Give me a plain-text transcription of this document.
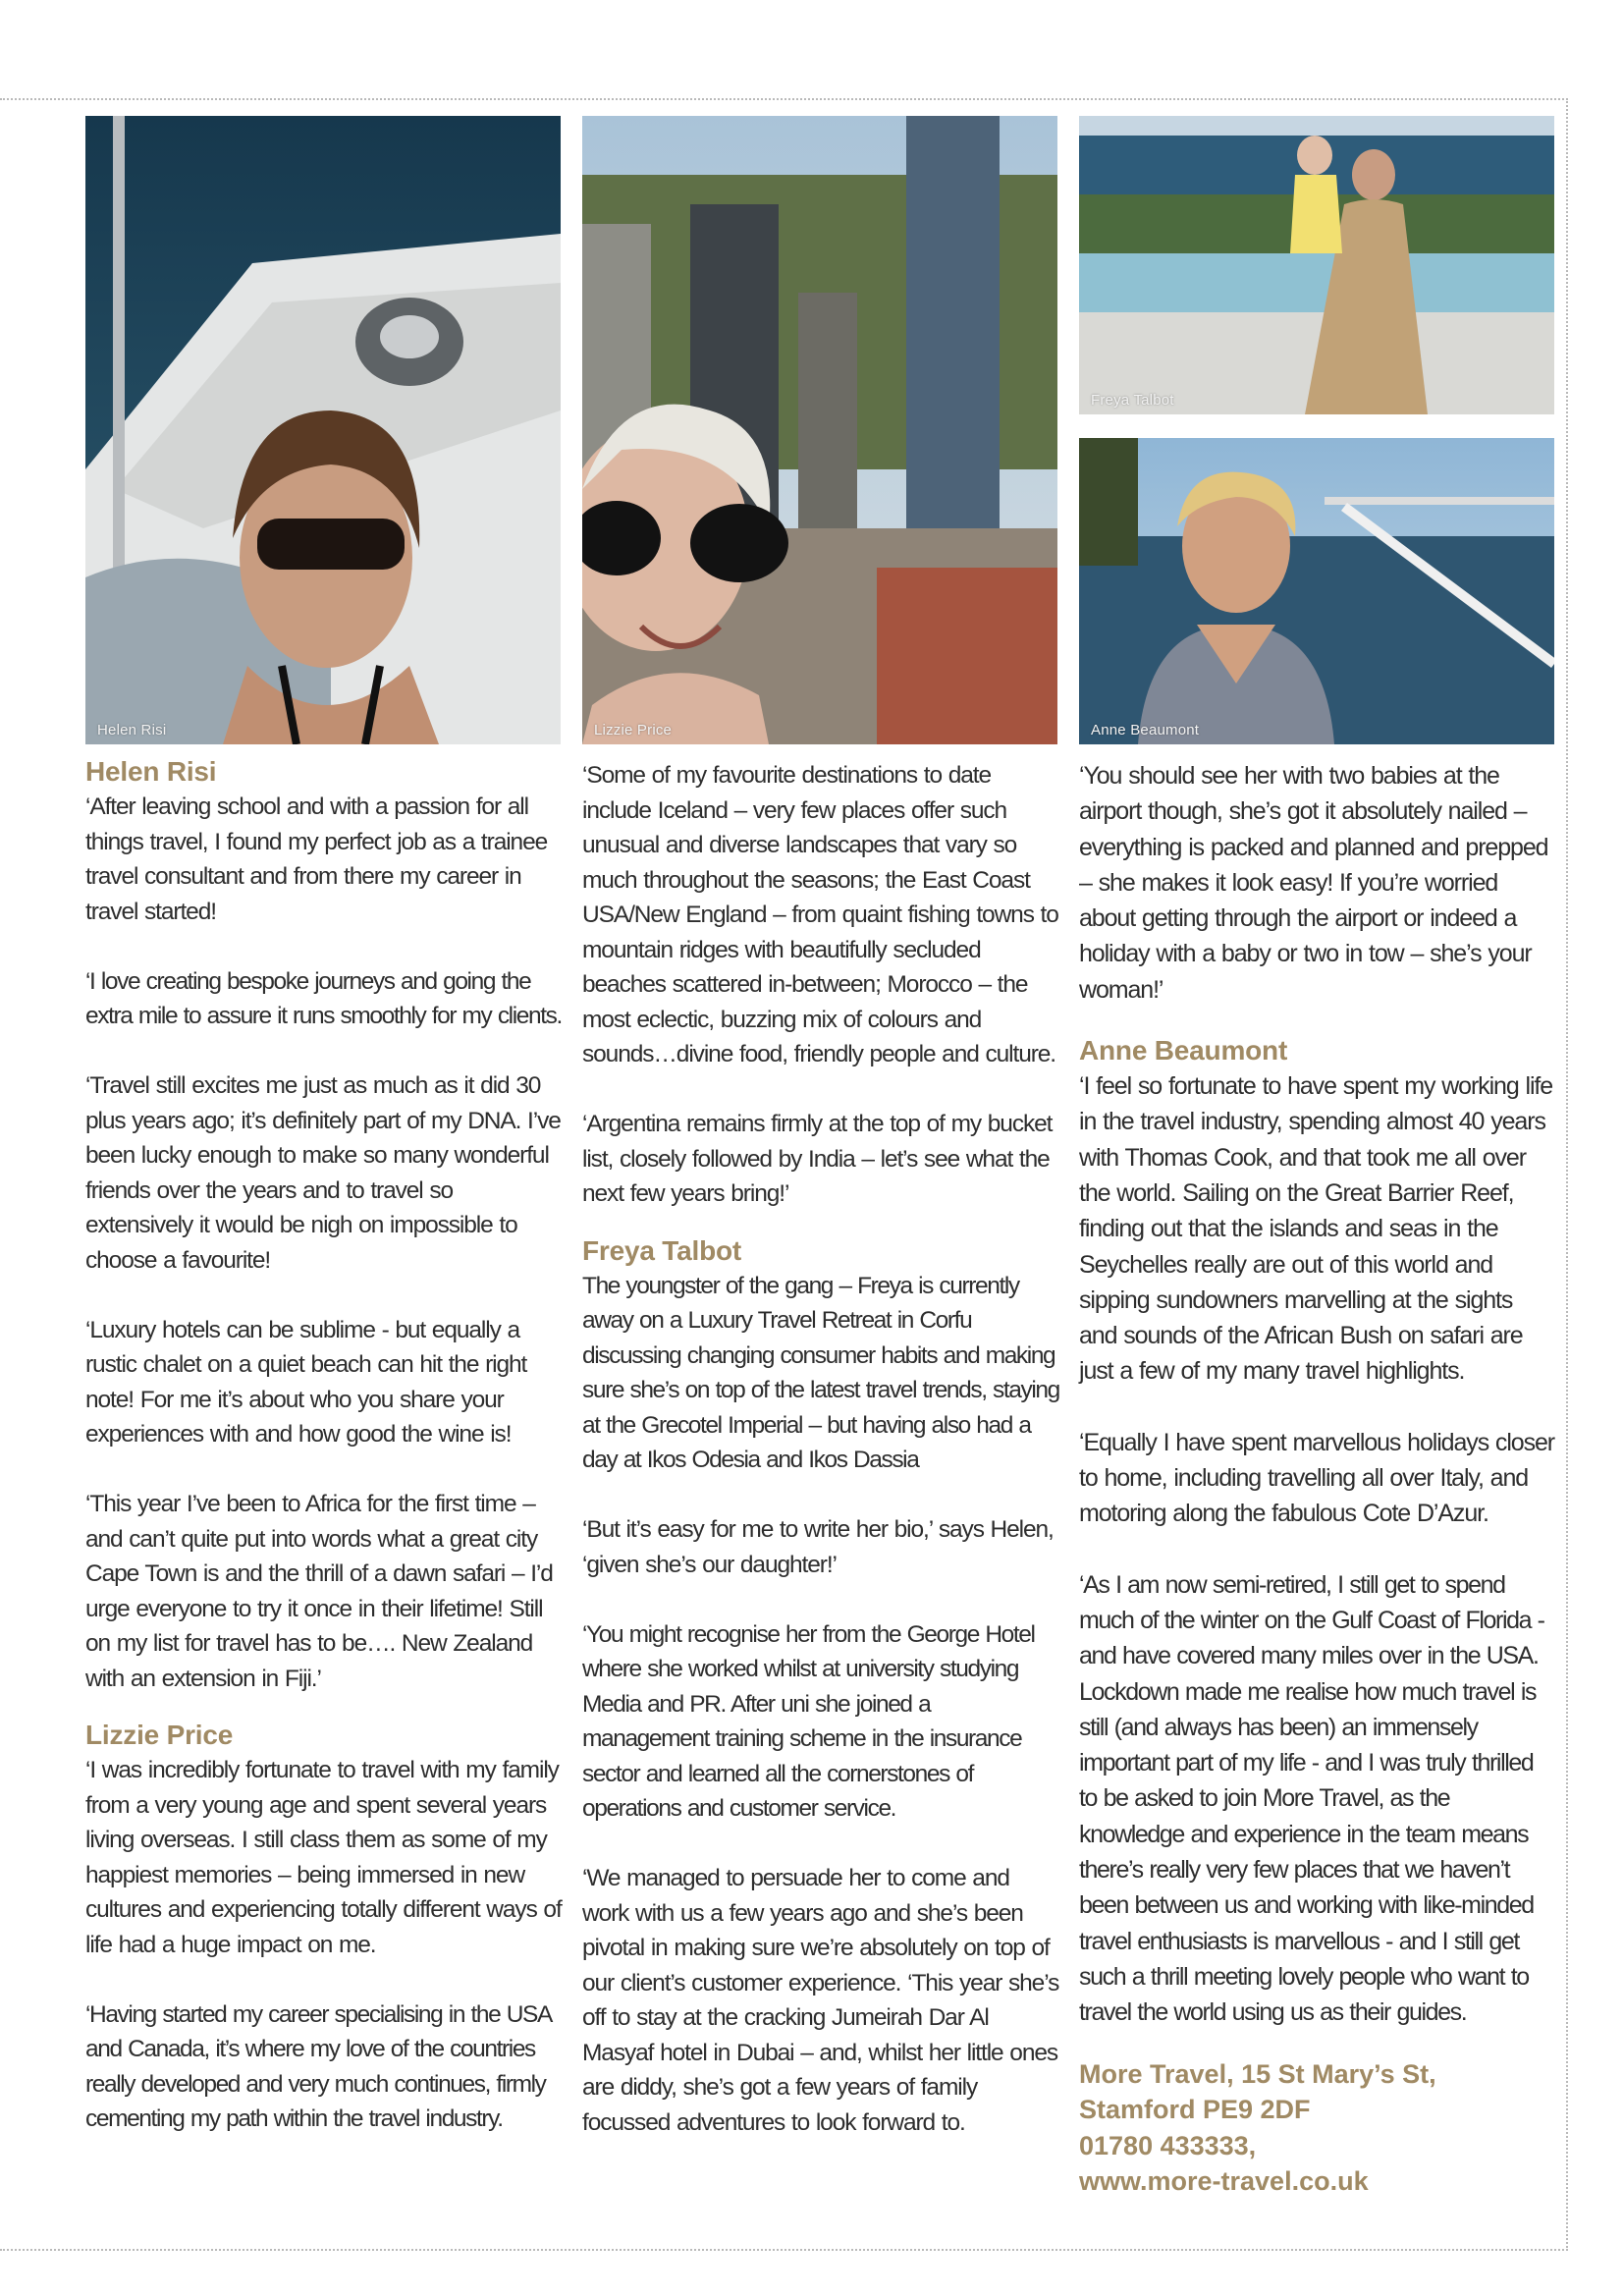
Helen Risi	Lizzie Price
Freya Talbot
Anne Beaumont
Helen Risi

‘After leaving school and with a passion for all things travel, I found my perfect job as a trainee travel consultant and from there my career in travel started!

‘I love creating bespoke journeys and going the extra mile to assure it runs smoothly for my clients.

‘Travel still excites me just as much as it did 30 plus years ago; it’s definitely part of my DNA. I’ve been lucky enough to make so many wonderful friends over the years and to travel so extensively it would be nigh on impossible to choose a favourite!

‘Luxury hotels can be sublime - but equally a rustic chalet on a quiet beach can hit the right note! For me it’s about who you share your experiences with and how good the wine is!

‘This year I’ve been to Africa for the first time – and can’t quite put into words what a great city Cape Town is and the thrill of a dawn safari – I’d urge everyone to try it once in their lifetime! Still on my list for travel has to be…. New Zealand with an extension in Fiji.’

Lizzie Price

‘I was incredibly fortunate to travel with my family from a very young age and spent several years living overseas. I still class them as some of my happiest memories – being immersed in new cultures and experiencing totally different ways of life had a huge impact on me.

‘Having started my career specialising in the USA and Canada, it’s where my love of the countries really developed and very much continues, firmly cementing my path within the travel industry.

‘Some of my favourite destinations to date include Iceland – very few places offer such unusual and diverse landscapes that vary so much throughout the seasons; the East Coast USA/New England – from quaint fishing towns to mountain ridges with beautifully secluded beaches scattered in-between; Morocco – the most eclectic, buzzing mix of colours and sounds…divine food, friendly people and culture.

‘Argentina remains firmly at the top of my bucket list, closely followed by India – let’s see what the next few years bring!’

Freya Talbot

The youngster of the gang – Freya is currently away on a Luxury Travel Retreat in Corfu discussing changing consumer habits and making sure she’s on top of the latest travel trends, staying at the Grecotel Imperial – but having also had a day at Ikos Odesia and Ikos Dassia

‘But it’s easy for me to write her bio,’ says Helen, ‘given she’s our daughter!’

‘You might recognise her from the George Hotel where she worked whilst at university studying Media and PR. After uni she joined a management training scheme in the insurance sector and learned all the cornerstones of operations and customer service.

‘We managed to persuade her to come and work with us a few years ago and she’s been pivotal in making sure we’re absolutely on top of our client’s customer experience. ‘This year she’s off to stay at the cracking Jumeirah Dar Al Masyaf hotel in Dubai – and, whilst her little ones are diddy, she’s got a few years of family focussed adventures to look forward to.

‘You should see her with two babies at the airport though, she’s got it absolutely nailed – everything is packed and planned and prepped – she makes it look easy! If you’re worried about getting through the airport or indeed a holiday with a baby or two in tow – she’s your woman!’

Anne Beaumont

‘I feel so fortunate to have spent my working life in the travel industry, spending almost 40 years with Thomas Cook, and that took me all over the world. Sailing on the Great Barrier Reef, finding out that the islands and seas in the Seychelles really are out of this world and sipping sundowners marvelling at the sights and sounds of the African Bush on safari are just a few of my many travel highlights.

‘Equally I have spent marvellous holidays closer to home, including travelling all over Italy, and motoring along the fabulous Cote D’Azur.

‘As I am now semi-retired, I still get to spend much of the winter on the Gulf Coast of Florida - and have covered many miles over in the USA. Lockdown made me realise how much travel is still (and always has been) an immensely important part of my life - and I was truly thrilled to be asked to join More Travel, as the knowledge and experience in the team means there’s really very few places that we haven’t been between us and working with like-minded travel enthusiasts is marvellous - and I still get such a thrill meeting lovely people who want to travel the world using us as their guides.

More Travel, 15 St Mary’s St,

Stamford PE9 2DF

01780 433333,

www.more-travel.co.uk
